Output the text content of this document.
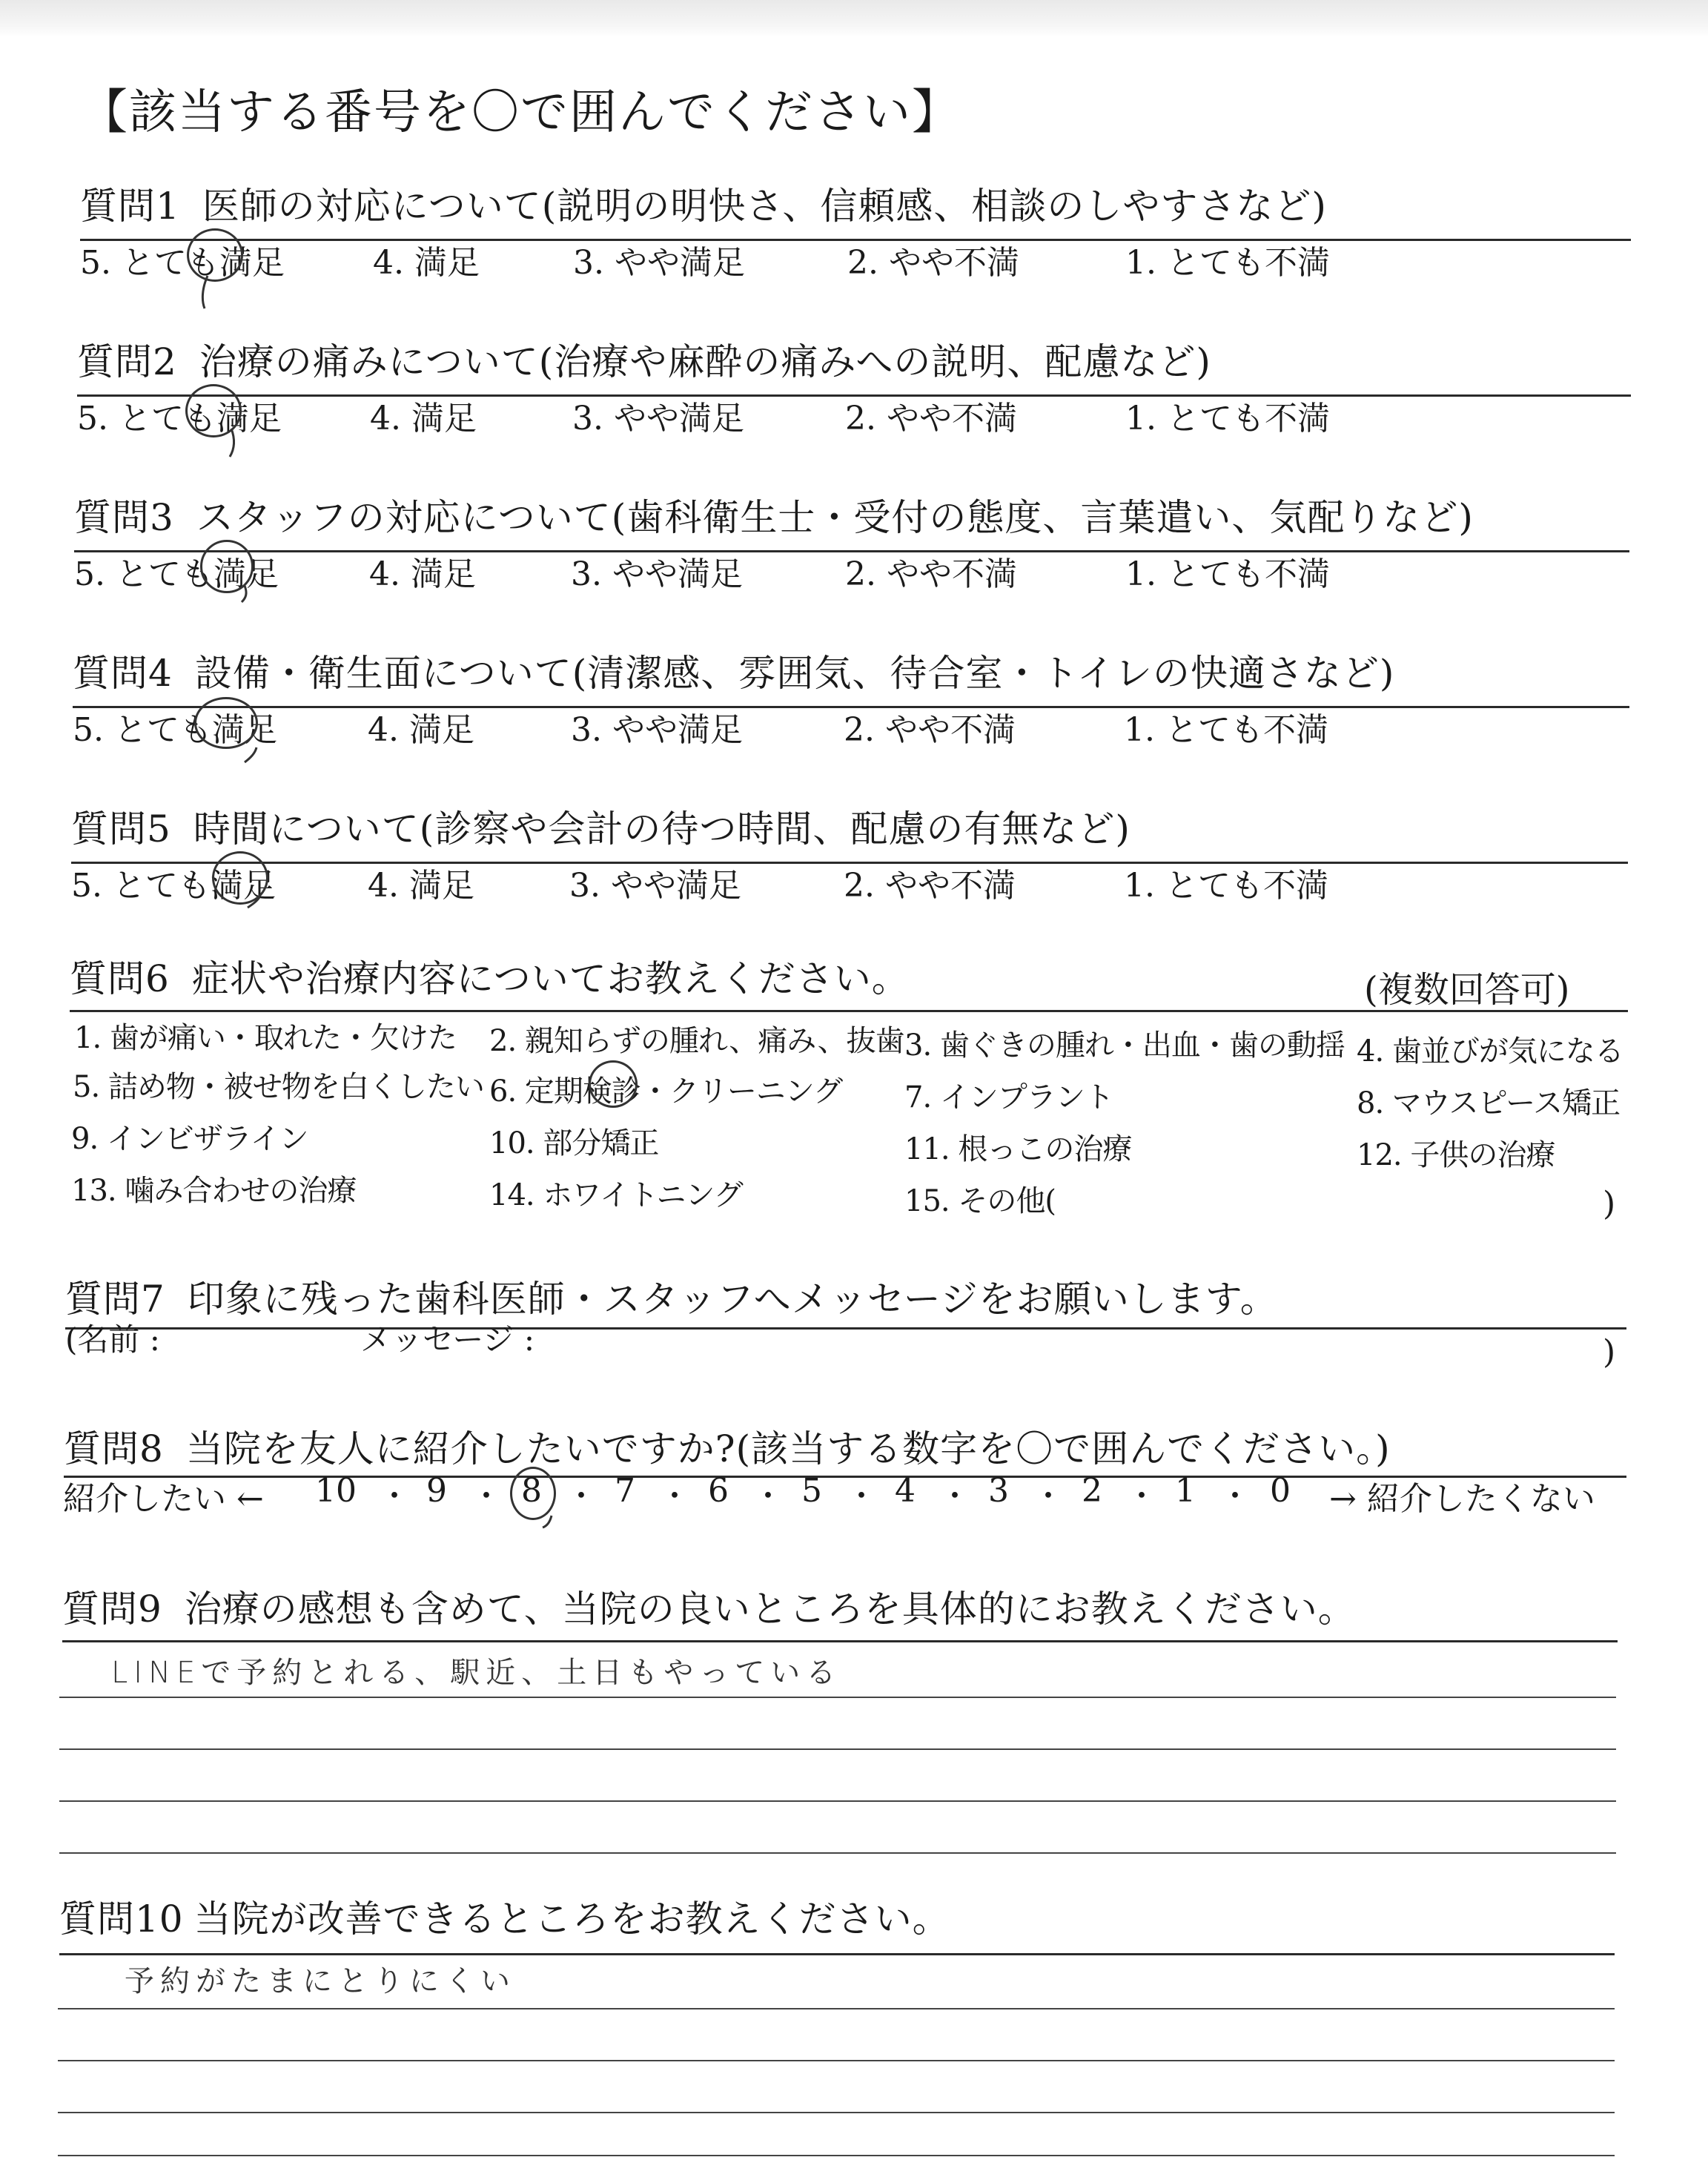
【該当する番号を〇で囲んでください】
質問1 医師の対応について(説明の明快さ、信頼感、相談のしやすさなど)
5. とても満足	4. 満足	3. やや満足	2. やや不満	1. とても不満
質問2 治療の痛みについて(治療や麻酔の痛みへの説明、配慮など)
5. とても満足	4. 満足	3. やや満足	2. やや不満	1. とても不満
質問3 スタッフの対応について(歯科衛生士・受付の態度、言葉遣い、気配りなど)
5. とても満足	4. 満足	3. やや満足	2. やや不満	1. とても不満
質問4 設備・衛生面について(清潔感、雰囲気、待合室・トイレの快適さなど)
5. とても満足	4. 満足	3. やや満足	2. やや不満	1. とても不満
質問5 時間について(診察や会計の待つ時間、配慮の有無など)
5. とても満足	4. 満足	3. やや満足	2. やや不満	1. とても不満
質問6 症状や治療内容についてお教えください。	(複数回答可)
1. 歯が痛い・取れた・欠けた 2. 親知らずの腫れ、痛み、抜歯 3. 歯ぐきの腫れ・出血・歯の動揺 4. 歯並びが気になる
5. 詰め物・被せ物を白くしたい 6. 定期検診・クリーニング 7. インプラント	8. マウスピース矯正
9. インビザライン	10. 部分矯正	11. 根っこの治療	12. 子供の治療
13. 噛み合わせの治療	14. ホワイトニング	15. その他(	)
質問7 印象に残った歯科医師・スタッフへメッセージをお願いします。
(名前 :	メッセージ :	)
質問8 当院を友人に紹介したいですか?(該当する数字を〇で囲んでください。)
紹介したい ← 10 ・ 9 ・ 8 ・ 7 ・ 6 ・ 5 ・ 4 ・ 3 ・ 2 ・ 1 ・ 0 → 紹介したくない
質問9 治療の感想も含めて、当院の良いところを具体的にお教えください。
LINEで予約とれる、駅近、土日もやっている
質問10 当院が改善できるところをお教えください。
予約がたまにとりにくい
